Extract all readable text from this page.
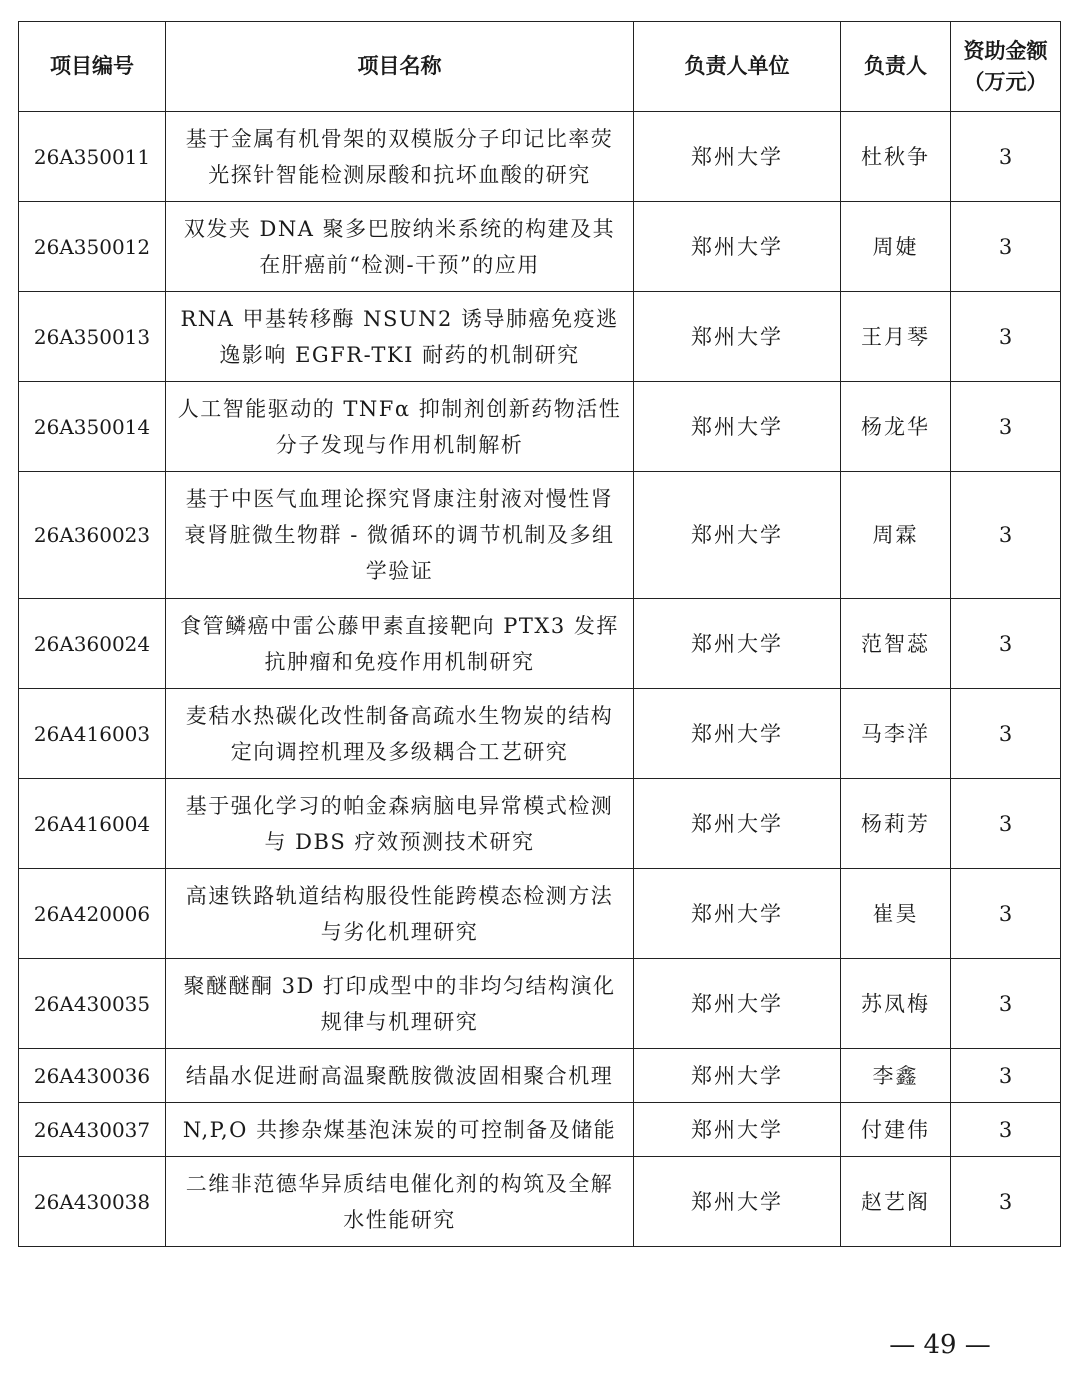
项目编号	项目名称	负责人单位	负责人	资助金额
（万元）
26A350011	基于金属有机骨架的双模版分子印记比率荧光探针智能检测尿酸和抗坏血酸的研究	郑州大学	杜秋争	3
26A350012	双发夹 DNA 聚多巴胺纳米系统的构建及其在肝癌前“检测-干预”的应用	郑州大学	周婕	3
26A350013	RNA 甲基转移酶 NSUN2 诱导肺癌免疫逃逸影响 EGFR-TKI 耐药的机制研究	郑州大学	王月琴	3
26A350014	人工智能驱动的 TNFα 抑制剂创新药物活性分子发现与作用机制解析	郑州大学	杨龙华	3
26A360023	基于中医气血理论探究肾康注射液对慢性肾衰肾脏微生物群 - 微循环的调节机制及多组学验证	郑州大学	周霖	3
26A360024	食管鳞癌中雷公藤甲素直接靶向 PTX3 发挥抗肿瘤和免疫作用机制研究	郑州大学	范智蕊	3
26A416003	麦秸水热碳化改性制备高疏水生物炭的结构定向调控机理及多级耦合工艺研究	郑州大学	马李洋	3
26A416004	基于强化学习的帕金森病脑电异常模式检测与 DBS 疗效预测技术研究	郑州大学	杨莉芳	3
26A420006	高速铁路轨道结构服役性能跨模态检测方法与劣化机理研究	郑州大学	崔昊	3
26A430035	聚醚醚酮 3D 打印成型中的非均匀结构演化规律与机理研究	郑州大学	苏凤梅	3
26A430036	结晶水促进耐高温聚酰胺微波固相聚合机理	郑州大学	李鑫	3
26A430037	N,P,O 共掺杂煤基泡沫炭的可控制备及储能	郑州大学	付建伟	3
26A430038	二维非范德华异质结电催化剂的构筑及全解水性能研究	郑州大学	赵艺阁	3
— 49 —
